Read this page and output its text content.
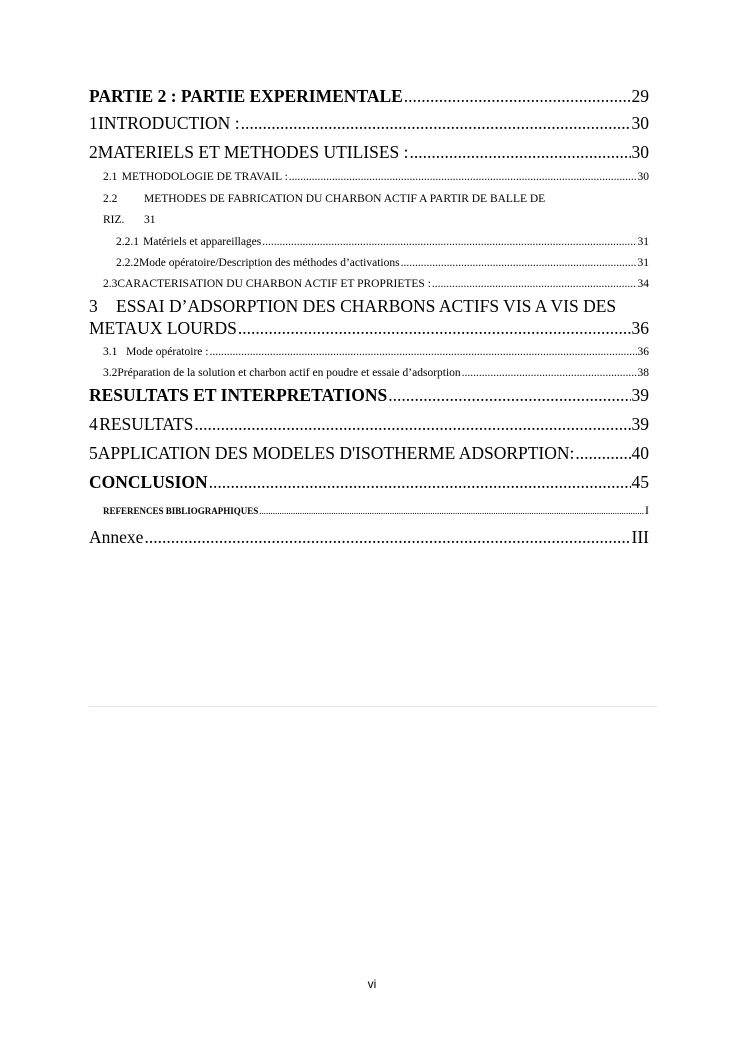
PARTIE 2 : PARTIE EXPERIMENTALE .....	29
1 INTRODUCTION : .....	30
2 MATERIELS ET METHODES UTILISES : .....	30
2.1 METHODOLOGIE DE TRAVAIL : .....	30
2.2 METHODES DE FABRICATION DU CHARBON ACTIF A PARTIR DE BALLE DE
RIZ. 31
2.2.1 Matériels et appareillages .....	31
2.2.2 Mode opératoire/Description des méthodes d’activations .....	31
2.3 CARACTERISATION DU CHARBON ACTIF ET PROPRIETES : .....	34
3 ESSAI D’ADSORPTION DES CHARBONS ACTIFS VIS A VIS DES
METAUX LOURDS .....	36
3.1 Mode opératoire : .....	36
3.2 Préparation de la solution et charbon actif en poudre et essaie d’adsorption .....	38
RESULTATS ET INTERPRETATIONS .....	39
4 RESULTATS .....	39
5 APPLICATION DES MODELES D'ISOTHERME ADSORPTION: .....	40
CONCLUSION .....	45
REFERENCES BIBLIOGRAPHIQUES .....	I
Annexe .....	III
vi
